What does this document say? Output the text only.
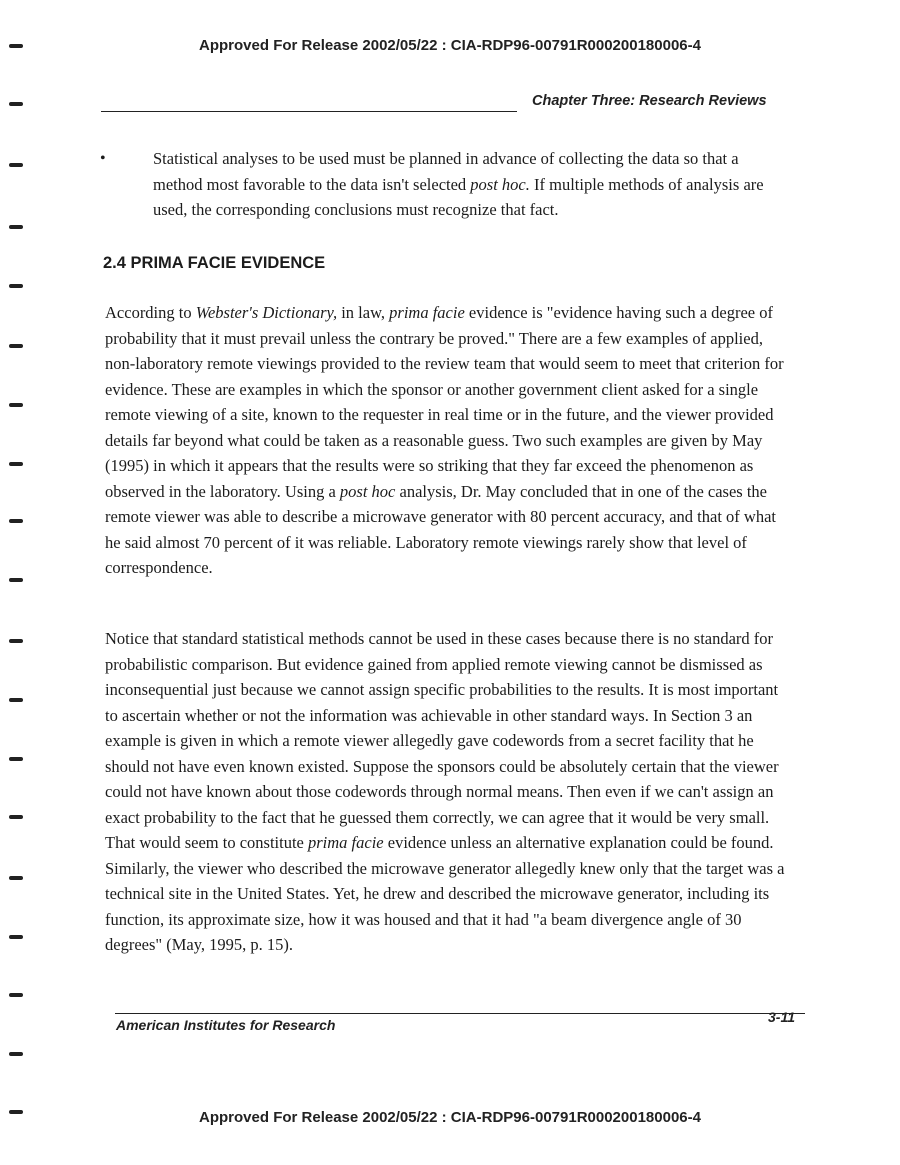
Approved For Release 2002/05/22 : CIA-RDP96-00791R000200180006-4
Chapter Three: Research Reviews
•	Statistical analyses to be used must be planned in advance of collecting the data so that a method most favorable to the data isn't selected post hoc. If multiple methods of analysis are used, the corresponding conclusions must recognize that fact.
2.4 PRIMA FACIE EVIDENCE

According to Webster's Dictionary, in law, prima facie evidence is "evidence having such a degree of probability that it must prevail unless the contrary be proved." There are a few examples of applied, non-laboratory remote viewings provided to the review team that would seem to meet that criterion for evidence. These are examples in which the sponsor or another government client asked for a single remote viewing of a site, known to the requester in real time or in the future, and the viewer provided details far beyond what could be taken as a reasonable guess. Two such examples are given by May (1995) in which it appears that the results were so striking that they far exceed the phenomenon as observed in the laboratory. Using a post hoc analysis, Dr. May concluded that in one of the cases the remote viewer was able to describe a microwave generator with 80 percent accuracy, and that of what he said almost 70 percent of it was reliable. Laboratory remote viewings rarely show that level of correspondence.

Notice that standard statistical methods cannot be used in these cases because there is no standard for probabilistic comparison. But evidence gained from applied remote viewing cannot be dismissed as inconsequential just because we cannot assign specific probabilities to the results. It is most important to ascertain whether or not the information was achievable in other standard ways. In Section 3 an example is given in which a remote viewer allegedly gave codewords from a secret facility that he should not have even known existed. Suppose the sponsors could be absolutely certain that the viewer could not have known about those codewords through normal means. Then even if we can't assign an exact probability to the fact that he guessed them correctly, we can agree that it would be very small. That would seem to constitute prima facie evidence unless an alternative explanation could be found. Similarly, the viewer who described the microwave generator allegedly knew only that the target was a technical site in the United States. Yet, he drew and described the microwave generator, including its function, its approximate size, how it was housed and that it had "a beam divergence angle of 30 degrees" (May, 1995, p. 15).

American Institutes for Research	3-11
Approved For Release 2002/05/22 : CIA-RDP96-00791R000200180006-4
